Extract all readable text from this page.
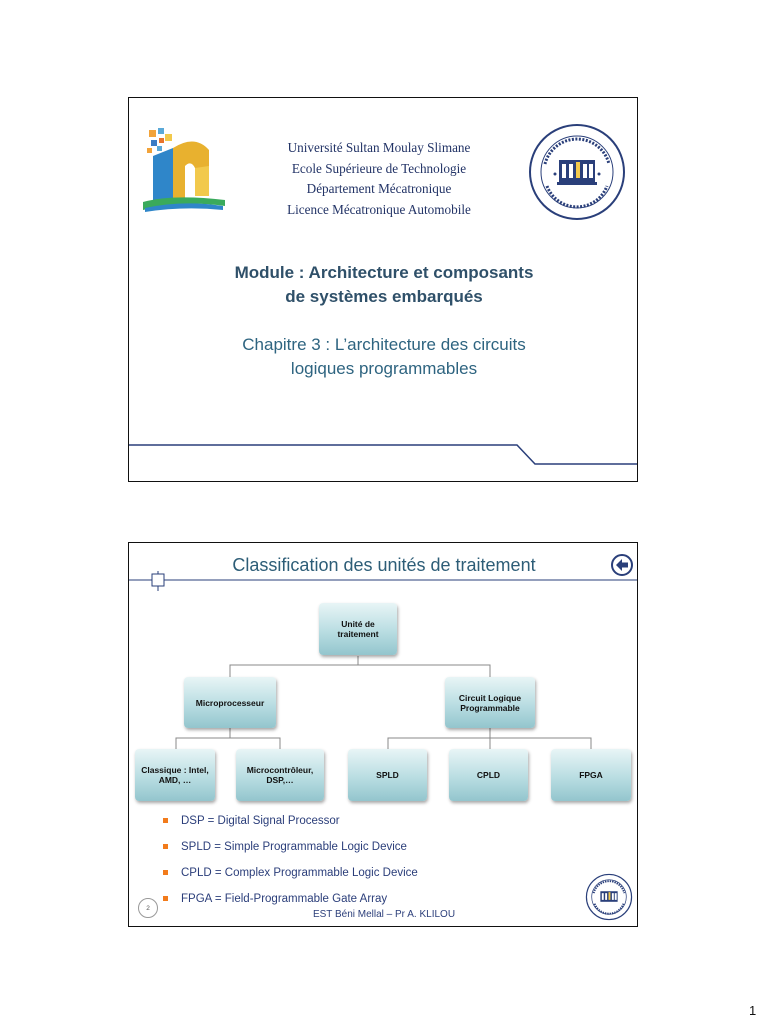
Université Sultan Moulay Slimane
Ecole Supérieure de Technologie
Département Mécatronique
Licence Mécatronique Automobile
Module : Architecture et composants
de systèmes embarqués
Chapitre 3 : L’architecture des circuits
logiques programmables
Classification des unités de traitement
Unité de traitement
Microprocesseur	Circuit Logique Programmable
Classique : Intel, AMD, …
Microcontrôleur, DSP,…	SPLD	CPLD	FPGA
DSP = Digital Signal Processor
SPLD = Simple Programmable Logic Device
CPLD = Complex Programmable Logic Device
FPGA = Field-Programmable Gate Array
2
EST Béni Mellal – Pr A. KLILOU
1
